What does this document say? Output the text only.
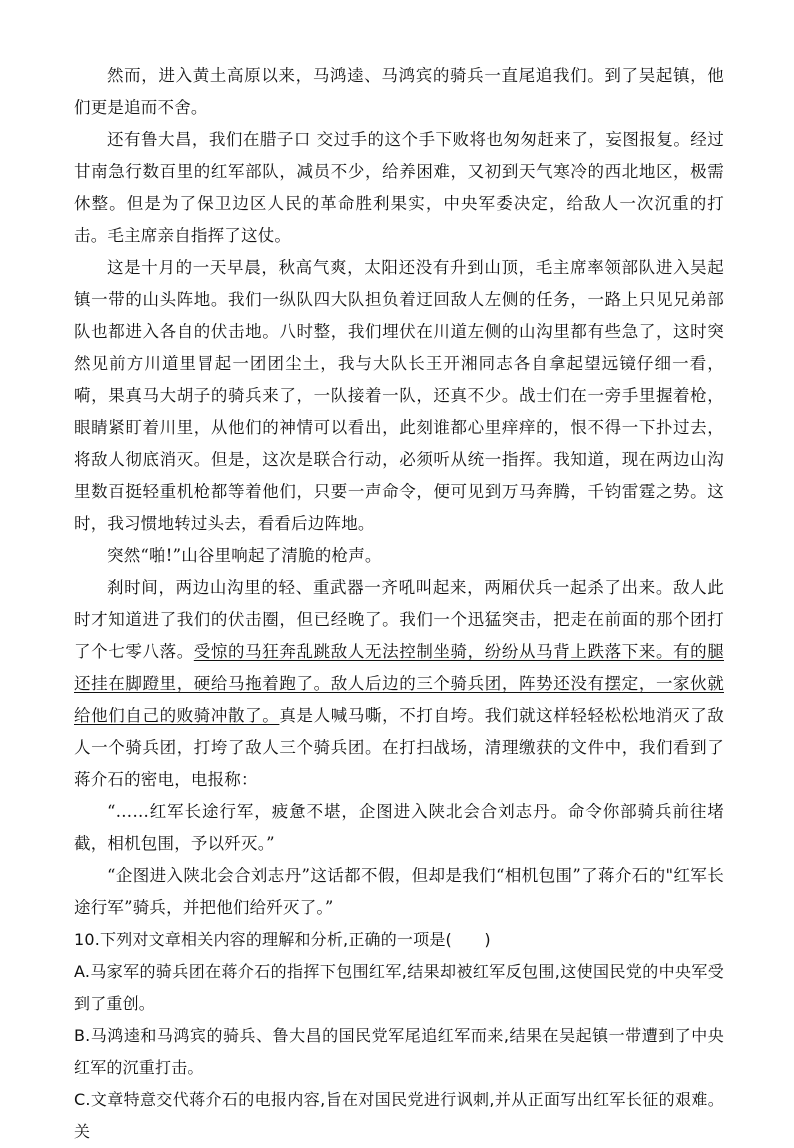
然而，进入黄土高原以来，马鸿逵、马鸿宾的骑兵一直尾追我们。到了吴起镇，他们更是追而不舍。

还有鲁大昌，我们在腊子口 交过手的这个手下败将也匆匆赶来了，妄图报复。经过甘南急行数百里的红军部队，减员不少，给养困难，又初到天气寒冷的西北地区，极需休整。但是为了保卫边区人民的革命胜利果实，中央军委决定，给敌人一次沉重的打击。毛主席亲自指挥了这仗。

这是十月的一天早晨，秋高气爽，太阳还没有升到山顶，毛主席率领部队进入吴起镇一带的山头阵地。我们一纵队四大队担负着迂回敌人左侧的任务，一路上只见兄弟部队也都进入各自的伏击地。八时整，我们埋伏在川道左侧的山沟里都有些急了，这时突然见前方川道里冒起一团团尘土，我与大队长王开湘同志各自拿起望远镜仔细一看，嗬，果真马大胡子的骑兵来了，一队接着一队，还真不少。战士们在一旁手里握着枪，眼睛紧盯着川里，从他们的神情可以看出，此刻谁都心里痒痒的，恨不得一下扑过去，将敌人彻底消灭。但是，这次是联合行动，必须听从统一指挥。我知道，现在两边山沟里数百挺轻重机枪都等着他们，只要一声命令，便可见到万马奔腾，千钧雷霆之势。这时，我习惯地转过头去，看看后边阵地。

突然“啪!”山谷里响起了清脆的枪声。

刹时间，两边山沟里的轻、重武器一齐吼叫起来，两厢伏兵一起杀了出来。敌人此时才知道进了我们的伏击圈，但已经晚了。我们一个迅猛突击，把走在前面的那个团打了个七零八落。受惊的马狂奔乱跳敌人无法控制坐骑，纷纷从马背上跌落下来。有的腿还挂在脚蹬里，硬给马拖着跑了。敌人后边的三个骑兵团，阵势还没有摆定，一家伙就给他们自己的败骑冲散了。真是人喊马嘶，不打自垮。我们就这样轻轻松松地消灭了敌人一个骑兵团，打垮了敌人三个骑兵团。在打扫战场，清理缴获的文件中，我们看到了蒋介石的密电，电报称：

“……红军长途行军，疲惫不堪，企图进入陕北会合刘志丹。命令你部骑兵前往堵截，相机包围，予以歼灭。”

“企图进入陕北会合刘志丹”这话都不假，但却是我们“相机包围”了蒋介石的"红军长途行军”骑兵，并把他们给歼灭了。”

10.下列对文章相关内容的理解和分析,正确的一项是(　　)

A.马家军的骑兵团在蒋介石的指挥下包围红军,结果却被红军反包围,这使国民党的中央军受到了重创。

B.马鸿逵和马鸿宾的骑兵、鲁大昌的国民党军尾追红军而来,结果在吴起镇一带遭到了中央红军的沉重打击。

C.文章特意交代蒋介石的电报内容,旨在对国民党进行讽刺,并从正面写出红军长征的艰难。关
